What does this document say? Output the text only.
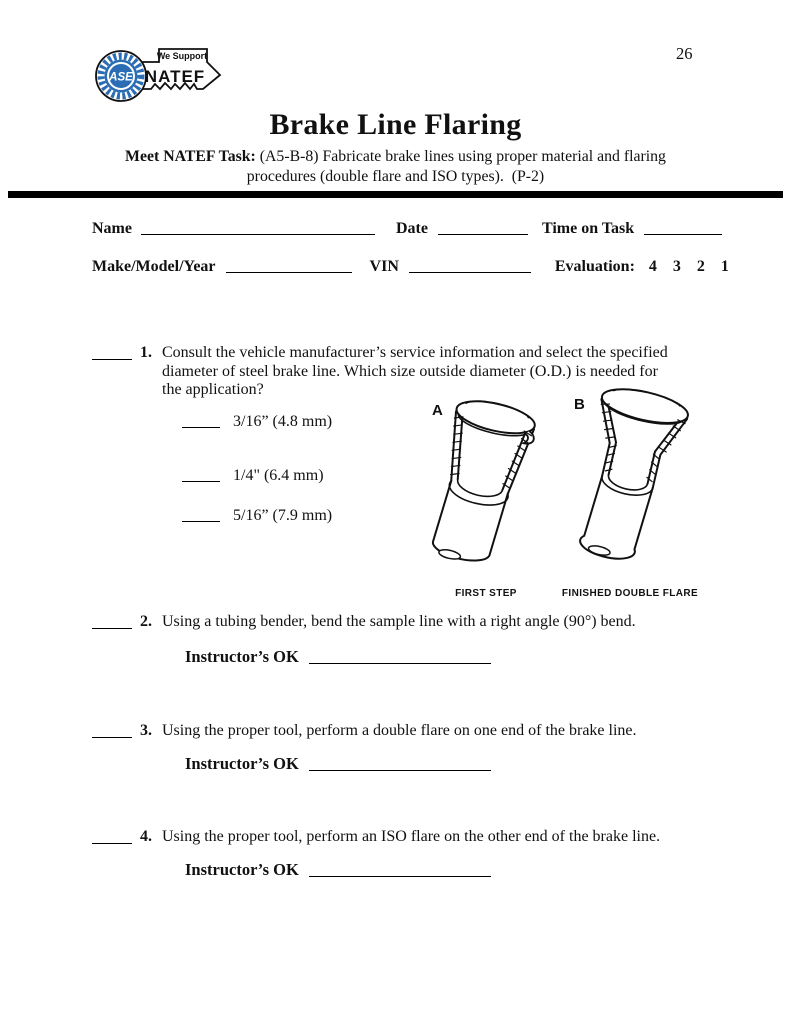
ASE
We Support
NATEF
26
Brake Line Flaring
Meet NATEF Task: (A5-B-8) Fabricate brake lines using proper material and flaring
procedures (double flare and ISO types).  (P-2)
Name	Date	Time on Task
Make/Model/Year	VIN	Evaluation: 4    3    2    1
1. Consult the vehicle manufacturer’s service information and select the specified diameter of steel brake line. Which size outside diameter (O.D.) is needed for the application?
3/16” (4.8 mm)
1/4" (6.4 mm)
5/16” (7.9 mm)
A	B
FIRST STEP	FINISHED DOUBLE FLARE
2. Using a tubing bender, bend the sample line with a right angle (90°) bend.
Instructor’s OK
3. Using the proper tool, perform a double flare on one end of the brake line.
Instructor’s OK
4. Using the proper tool, perform an ISO flare on the other end of the brake line.
Instructor’s OK
